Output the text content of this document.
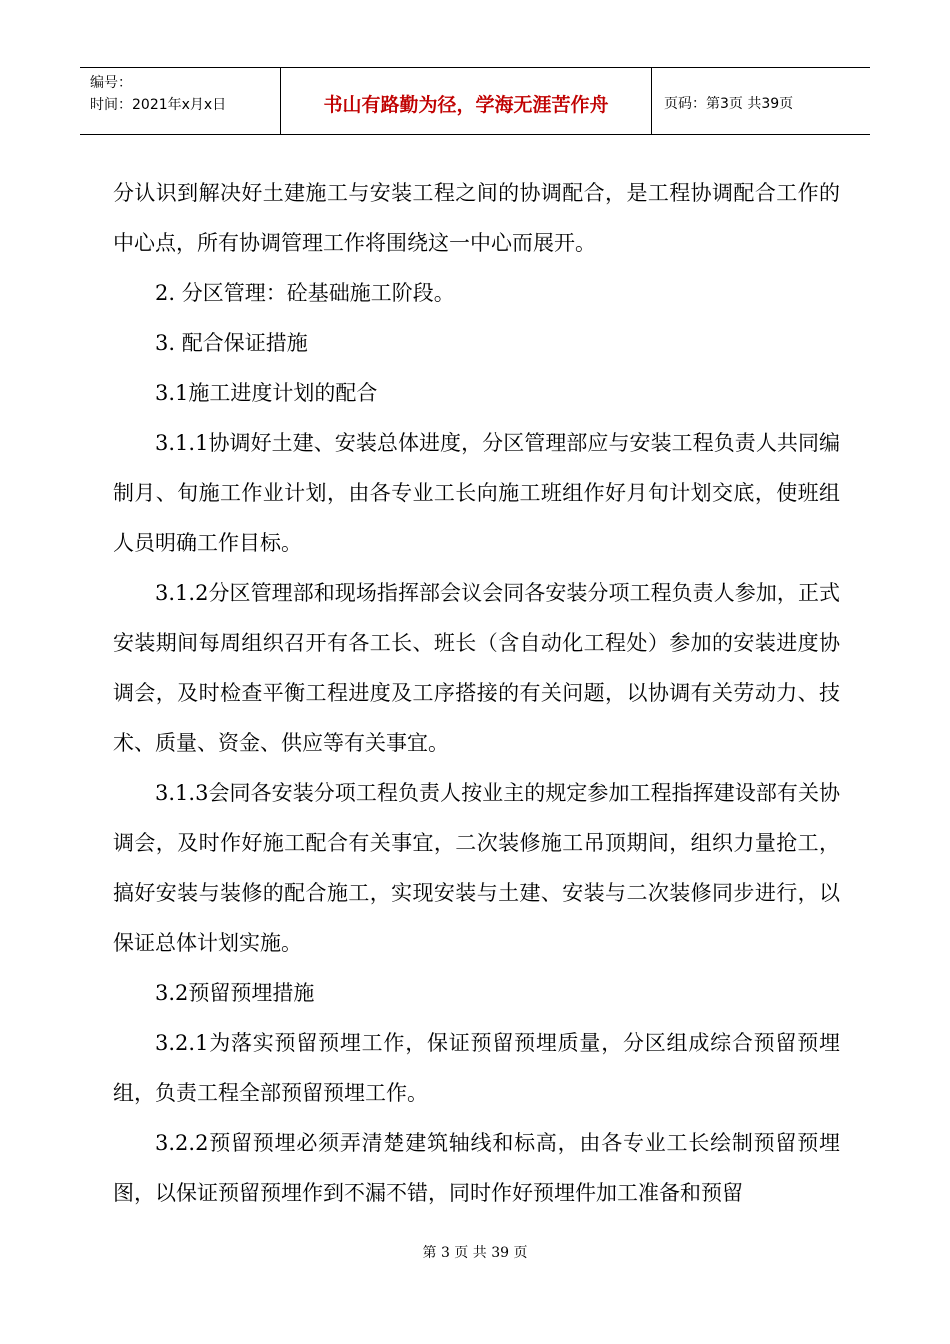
编号：
时间：2021年x月x日	书山有路勤为径，学海无涯苦作舟	页码：第3页 共39页

分认识到解决好土建施工与安装工程之间的协调配合，是工程协调配合工作的中心点，所有协调管理工作将围绕这一中心而展开。

2. 分区管理：砼基础施工阶段。

3. 配合保证措施

3.1施工进度计划的配合

3.1.1协调好土建、安装总体进度，分区管理部应与安装工程负责人共同编制月、旬施工作业计划，由各专业工长向施工班组作好月旬计划交底，使班组人员明确工作目标。

3.1.2分区管理部和现场指挥部会议会同各安装分项工程负责人参加，正式安装期间每周组织召开有各工长、班长（含自动化工程处）参加的安装进度协调会，及时检查平衡工程进度及工序搭接的有关问题，以协调有关劳动力、技术、质量、资金、供应等有关事宜。

3.1.3会同各安装分项工程负责人按业主的规定参加工程指挥建设部有关协调会，及时作好施工配合有关事宜，二次装修施工吊顶期间，组织力量抢工，搞好安装与装修的配合施工，实现安装与土建、安装与二次装修同步进行，以保证总体计划实施。

3.2预留预埋措施

3.2.1为落实预留预埋工作，保证预留预埋质量，分区组成综合预留预埋组，负责工程全部预留预埋工作。

3.2.2预留预埋必须弄清楚建筑轴线和标高，由各专业工长绘制预留预埋图，以保证预留预埋作到不漏不错，同时作好预埋件加工准备和预留

第 3 页 共 39 页
